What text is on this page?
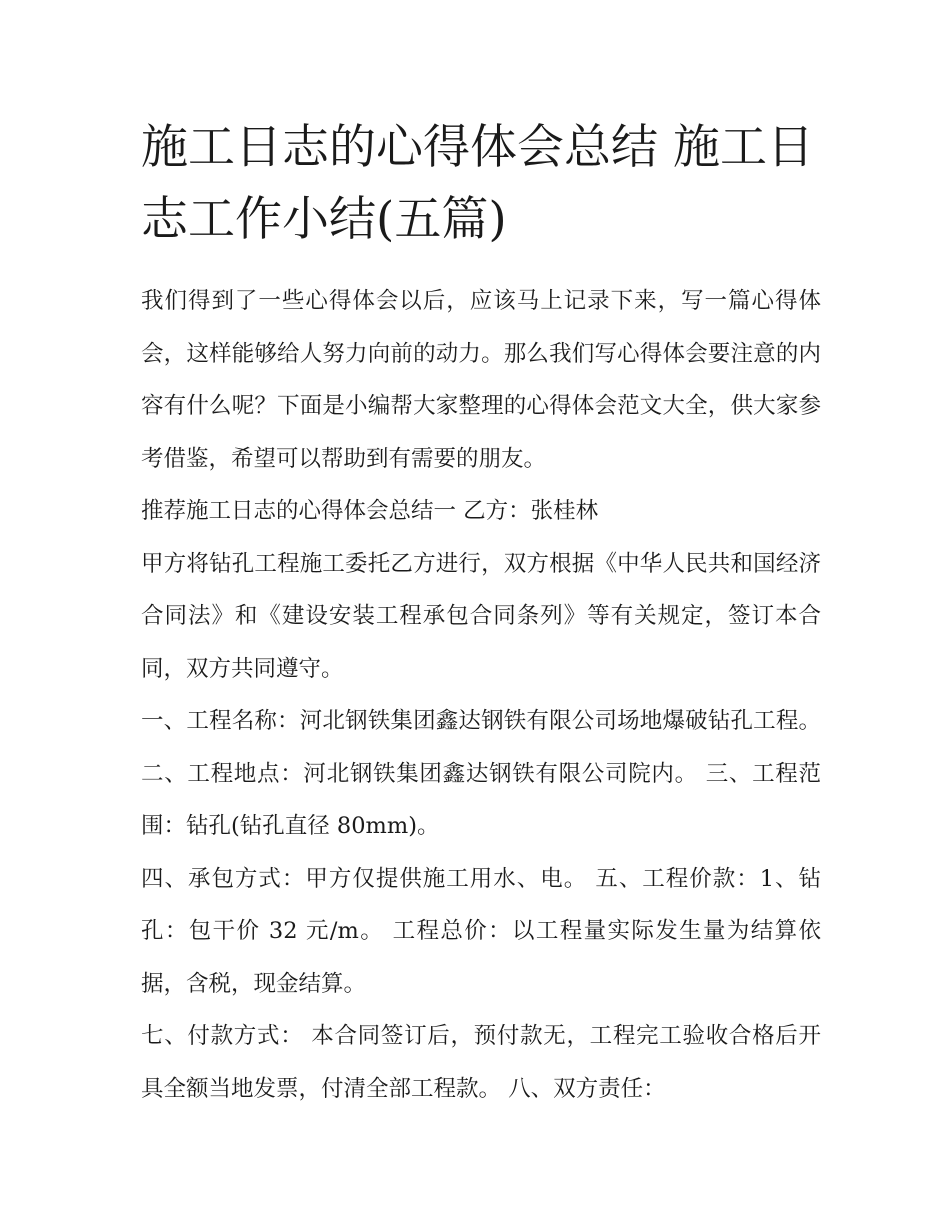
施工日志的心得体会总结 施工日志工作小结(五篇)

我们得到了一些心得体会以后，应该马上记录下来，写一篇心得体会，这样能够给人努力向前的动力。那么我们写心得体会要注意的内容有什么呢？下面是小编帮大家整理的心得体会范文大全，供大家参考借鉴，希望可以帮助到有需要的朋友。

推荐施工日志的心得体会总结一 乙方：张桂林

甲方将钻孔工程施工委托乙方进行，双方根据《中华人民共和国经济合同法》和《建设安装工程承包合同条列》等有关规定，签订本合同，双方共同遵守。

一、工程名称：河北钢铁集团鑫达钢铁有限公司场地爆破钻孔工程。 二、工程地点：河北钢铁集团鑫达钢铁有限公司院内。 三、工程范围：钻孔(钻孔直径 80mm)。

四、承包方式：甲方仅提供施工用水、电。 五、工程价款：1、钻孔：包干价 32 元/m。 工程总价：以工程量实际发生量为结算依据，含税，现金结算。

七、付款方式： 本合同签订后，预付款无，工程完工验收合格后开具全额当地发票，付清全部工程款。 八、双方责任：
